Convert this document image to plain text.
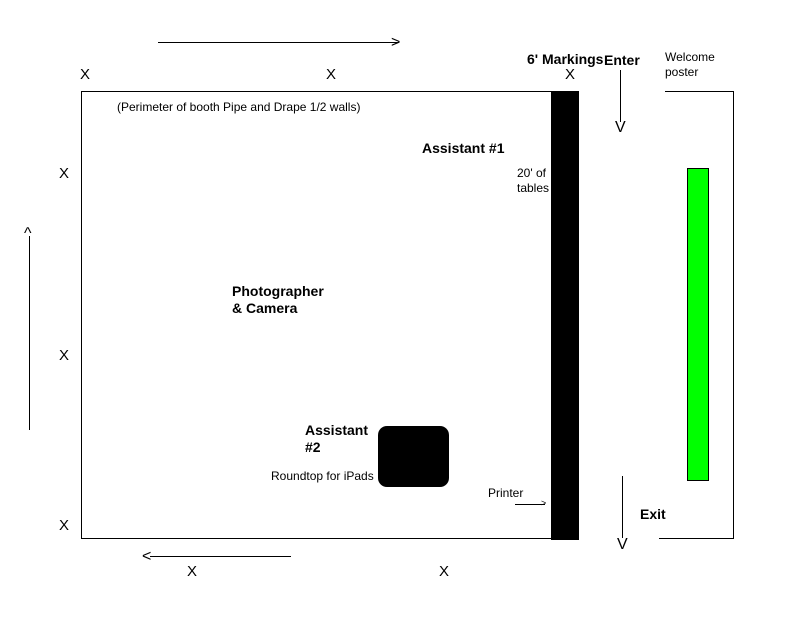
>
^
<
X	X	X
X
X
X
X	X
(Perimeter of booth Pipe and Drape 1/2 walls)
6' Markings Enter
V
V
Exit
Welcome poster
Assistant #1
20' of tables
Photographer & Camera
Assistant #2
Roundtop for iPads
Printer
>
